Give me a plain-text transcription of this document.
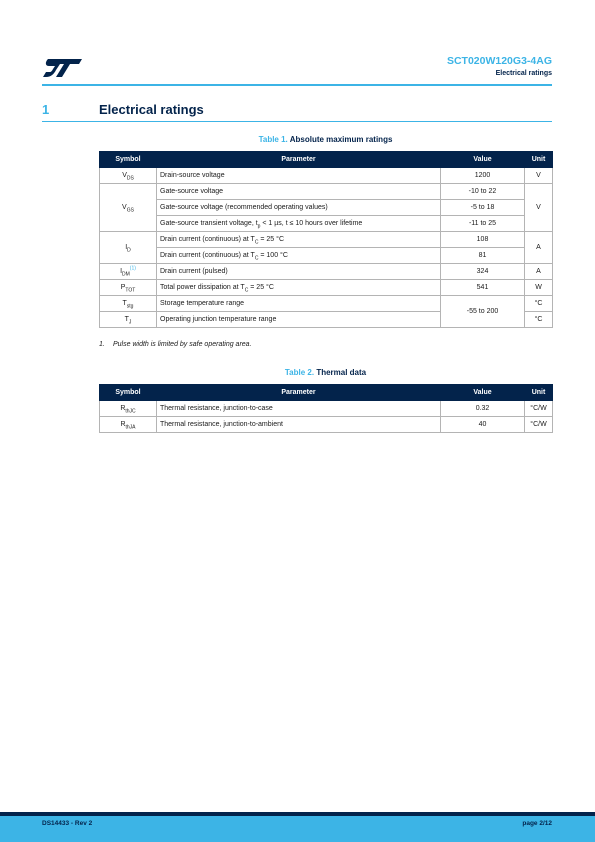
SCT020W120G3-4AG
Electrical ratings
1	Electrical ratings
Table 1. Absolute maximum ratings
Symbol	Parameter	Value	Unit
$V_{DS}$	Drain-source voltage	1200	V
$V_{GS}$	Gate-source voltage	-10 to 22	V
	Gate-source voltage (recommended operating values)	-5 to 18	
	Gate-source transient voltage, $t_p < 1$ µs, t ≤ 10 hours over lifetime	-11 to 25	
$I_D$	Drain current (continuous) at $T_C = 25$ °C	108	A
	Drain current (continuous) at $T_C = 100$ °C	81	
$I_{DM}^{(1)}$	Drain current (pulsed)	324	A
$P_{TOT}$	Total power dissipation at $T_C = 25$ °C	541	W
$T_{stg}$	Storage temperature range	-55 to 200	°C
$T_J$	Operating junction temperature range		°C
1. Pulse width is limited by safe operating area.
Table 2. Thermal data
Symbol	Parameter	Value	Unit
$R_{thJC}$	Thermal resistance, junction-to-case	0.32	°C/W
$R_{thJA}$	Thermal resistance, junction-to-ambient	40	°C/W
DS14433 - Rev 2	page 2/12
